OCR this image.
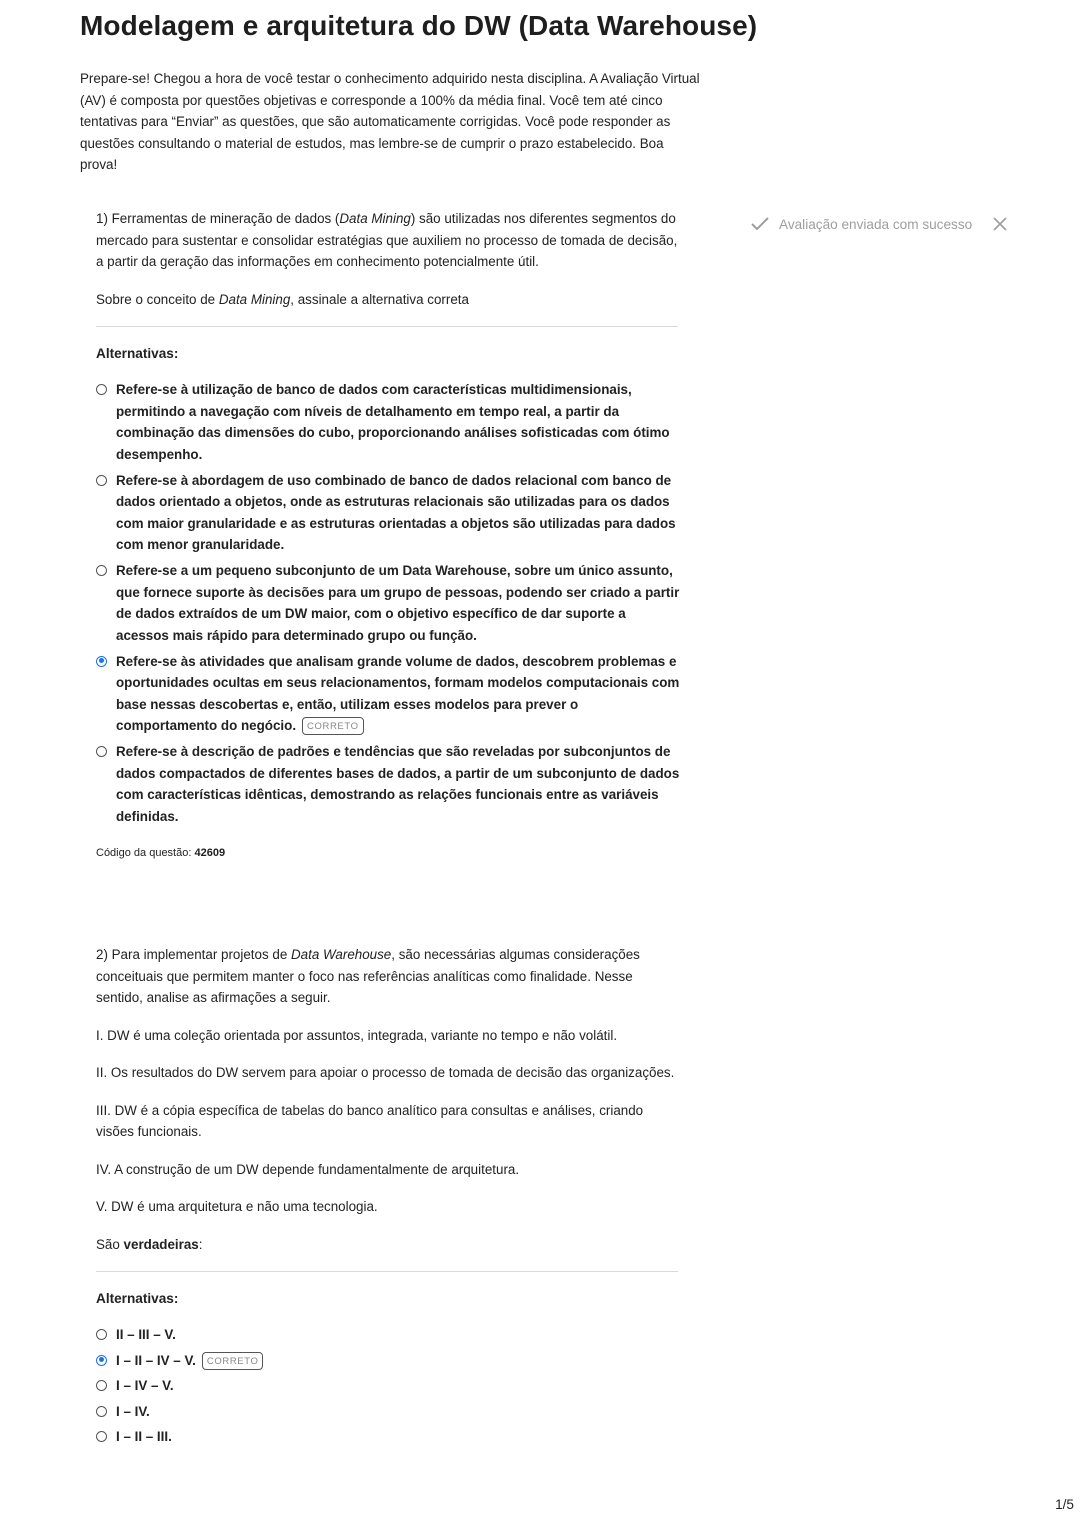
Modelagem e arquitetura do DW (Data Warehouse)

Prepare-se! Chegou a hora de você testar o conhecimento adquirido nesta disciplina. A Avaliação Virtual (AV) é composta por questões objetivas e corresponde a 100% da média final. Você tem até cinco tentativas para “Enviar” as questões, que são automaticamente corrigidas. Você pode responder as questões consultando o material de estudos, mas lembre-se de cumprir o prazo estabelecido. Boa prova!

Avaliação enviada com sucesso

1) Ferramentas de mineração de dados (Data Mining) são utilizadas nos diferentes segmentos do mercado para sustentar e consolidar estratégias que auxiliem no processo de tomada de decisão, a partir da geração das informações em conhecimento potencialmente útil.

Sobre o conceito de Data Mining, assinale a alternativa correta

Alternativas:
Refere-se à utilização de banco de dados com características multidimensionais, permitindo a navegação com níveis de detalhamento em tempo real, a partir da combinação das dimensões do cubo, proporcionando análises sofisticadas com ótimo desempenho.
Refere-se à abordagem de uso combinado de banco de dados relacional com banco de dados orientado a objetos, onde as estruturas relacionais são utilizadas para os dados com maior granularidade e as estruturas orientadas a objetos são utilizadas para dados com menor granularidade.
Refere-se a um pequeno subconjunto de um Data Warehouse, sobre um único assunto, que fornece suporte às decisões para um grupo de pessoas, podendo ser criado a partir de dados extraídos de um DW maior, com o objetivo específico de dar suporte a acessos mais rápido para determinado grupo ou função.
Refere-se às atividades que analisam grande volume de dados, descobrem problemas e oportunidades ocultas em seus relacionamentos, formam modelos computacionais com base nessas descobertas e, então, utilizam esses modelos para prever o comportamento do negócio. CORRETO
Refere-se à descrição de padrões e tendências que são reveladas por subconjuntos de dados compactados de diferentes bases de dados, a partir de um subconjunto de dados com características idênticas, demostrando as relações funcionais entre as variáveis definidas.
Código da questão: 42609

2) Para implementar projetos de Data Warehouse, são necessárias algumas considerações conceituais que permitem manter o foco nas referências analíticas como finalidade. Nesse sentido, analise as afirmações a seguir.

I. DW é uma coleção orientada por assuntos, integrada, variante no tempo e não volátil.

II. Os resultados do DW servem para apoiar o processo de tomada de decisão das organizações.

III. DW é a cópia específica de tabelas do banco analítico para consultas e análises, criando visões funcionais.

IV. A construção de um DW depende fundamentalmente de arquitetura.

V. DW é uma arquitetura e não uma tecnologia.

São verdadeiras:

Alternativas:
II – III – V.
I – II – IV – V. CORRETO
I – IV – V.
I – IV.
I – II – III.
1/5
